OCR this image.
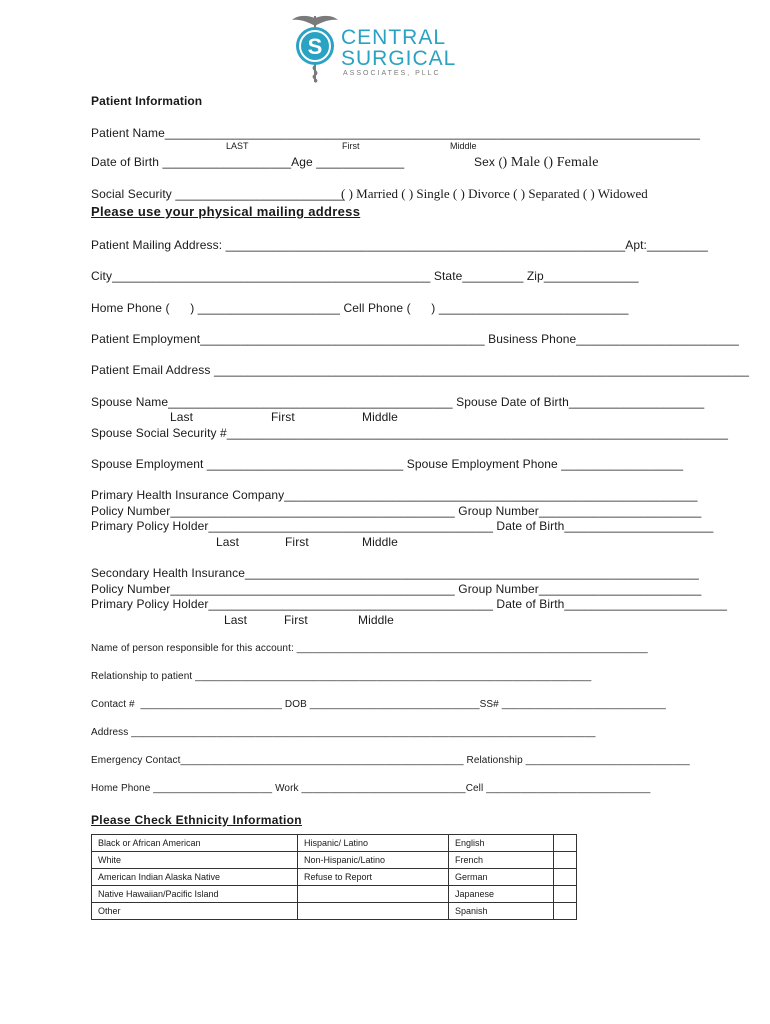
S CENTRAL
SURGICAL
ASSOCIATES, PLLC
Patient Information
Patient Name_______________________________________________________________________________
LAST	First	Middle
Date of Birth ___________________Age _____________	Sex () Male () Female
Social Security _________________________
( ) Married ( ) Single ( ) Divorce ( ) Separated ( ) Widowed
Please use your physical mailing address
Patient Mailing Address: ___________________________________________________________Apt:_________
City_______________________________________________ State_________ Zip______________
Home Phone ( ) _____________________ Cell Phone ( ) ____________________________
Patient Employment__________________________________________ Business Phone________________________
Patient Email Address _______________________________________________________________________________
Spouse Name__________________________________________ Spouse Date of Birth____________________
Last	First	Middle
Spouse Social Security #__________________________________________________________________________
Spouse Employment _____________________________ Spouse Employment Phone __________________
Primary Health Insurance Company_____________________________________________________________
Policy Number__________________________________________ Group Number________________________
Primary Policy Holder__________________________________________ Date of Birth______________________
Last	First	Middle
Secondary Health Insurance___________________________________________________________________
Policy Number__________________________________________ Group Number________________________
Primary Policy Holder__________________________________________ Date of Birth________________________
Last	First	Middle
Name of person responsible for this account: ______________________________________________________________
Relationship to patient ______________________________________________________________________
Contact # _________________________ DOB ______________________________SS# _____________________________
Address __________________________________________________________________________________
Emergency Contact__________________________________________________ Relationship _____________________________
Home Phone _____________________ Work _____________________________Cell _____________________________
Please Check Ethnicity Information
Black or African American	Hispanic/ Latino	English	
White	Non-Hispanic/Latino	French	
American Indian Alaska Native	Refuse to Report	German	
Native Hawaiian/Pacific Island		Japanese	
Other		Spanish	
